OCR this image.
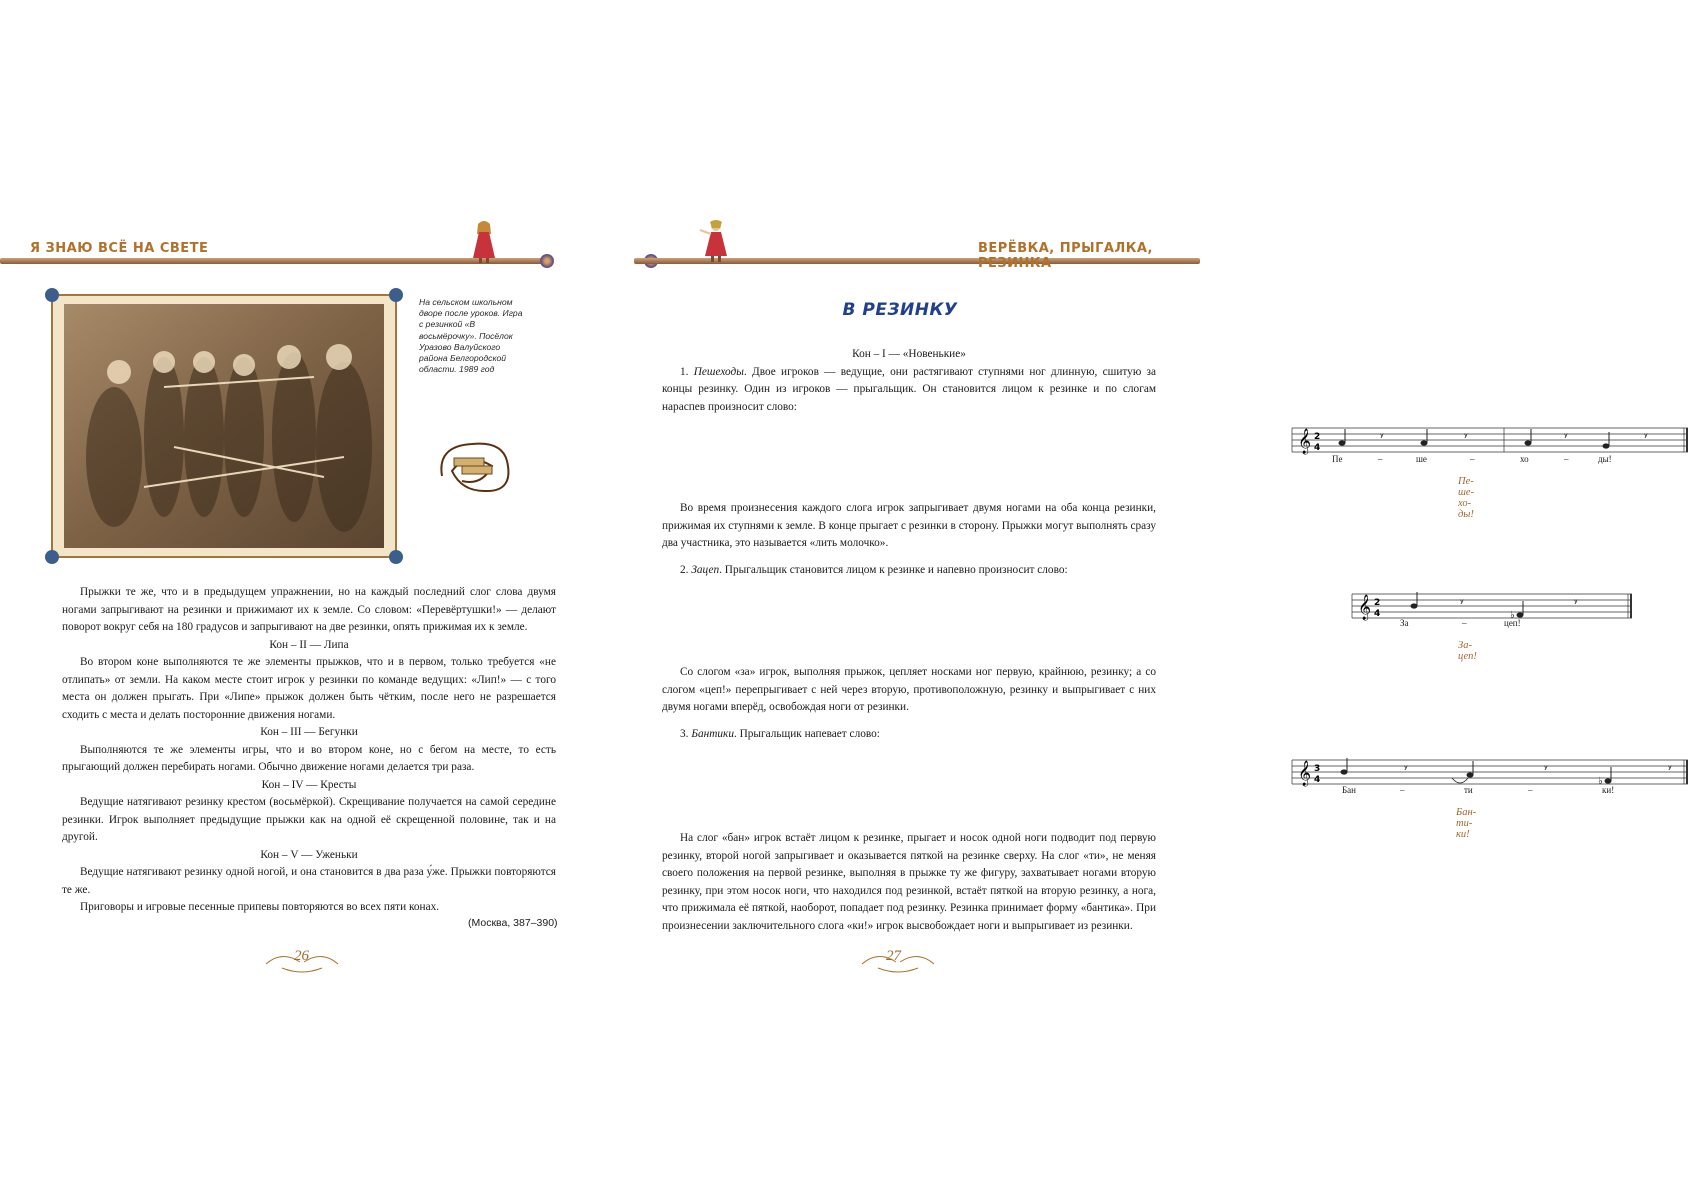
Я ЗНАЮ ВСЁ НА СВЕТЕ
На сельском школьном дворе после уроков. Игра с резинкой «В восьмёрочку». Посёлок Уразово Валуйского района Белгородской области. 1989 год

Прыжки те же, что и в предыдущем упражнении, но на каждый последний слог слова двумя ногами запрыгивают на резинки и прижимают их к земле. Со словом: «Перевёртушки!» — делают поворот вокруг себя на 180 градусов и запрыгивают на две резинки, опять прижимая их к земле.

Кон – II — Липа

Во втором коне выполняются те же элементы прыжков, что и в первом, только требуется «не отлипать» от земли. На каком месте стоит игрок у резинки по команде ведущих: «Лип!» — с того места он должен прыгать. При «Липе» прыжок должен быть чётким, после него не разрешается сходить с места и делать посторонние движения ногами.

Кон – III — Бегунки

Выполняются те же элементы игры, что и во втором коне, но с бегом на месте, то есть прыгающий должен перебирать ногами. Обычно движение ногами делается три раза.

Кон – IV — Кресты

Ведущие натягивают резинку крестом (восьмёркой). Скрещивание получается на самой середине резинки. Игрок выполняет предыдущие прыжки как на одной её скрещенной половине, так и на другой.

Кон – V — Уженьки

Ведущие натягивают резинку одной ногой, и она становится в два раза у́же. Прыжки повторяются те же.

Приговоры и игровые песенные припевы повторяются во всех пяти конах.

(Москва, 387–390)
26
ВЕРЁВКА, ПРЫГАЛКА, РЕЗИНКА
В РЕЗИНКУ

Кон – I — «Новенькие»

1. Пешеходы. Двое игроков — ведущие, они растягивают ступнями ног длинную, сшитую за концы резинку. Один из игроков — прыгальщик. Он становится лицом к резинке и по слогам нараспев произносит слово:

𝄞 2
4
ʸ	ʸ	ʸ	ʸ
Пе	–	ше	–	хо	–	ды!
Пе-ше-хо-ды!

Во время произнесения каждого слога игрок запрыгивает двумя ногами на оба конца резинки, прижимая их ступнями к земле. В конце прыгает с резинки в сторону. Прыжки могут выполнять сразу два участника, это называется «лить молочко».

2. Зацеп. Прыгальщик становится лицом к резинке и напевно произносит слово:

𝄞 2
4	♭
ʸ	ʸ
За	–	цеп!
За-цеп!

Со слогом «за» игрок, выполняя прыжок, цепляет носками ног первую, крайнюю, резинку; а со слогом «цеп!» перепрыгивает с ней через вторую, противоположную, резинку и выпрыгивает с них двумя ногами вперёд, освобождая ноги от резинки.

3. Бантики. Прыгальщик напевает слово:

𝄞 3
4	♭
ʸ	ʸ	ʸ
Бан	–	ти	–	ки!
Бан-ти-ки!

На слог «бан» игрок встаёт лицом к резинке, прыгает и носок одной ноги подводит под первую резинку, второй ногой запрыгивает и оказывается пяткой на резинке сверху. На слог «ти», не меняя своего положения на первой резинке, выполняя в прыжке ту же фигуру, захватывает ногами вторую резинку, при этом носок ноги, что находился под резинкой, встаёт пяткой на вторую резинку, а нога, что прижимала её пяткой, наоборот, попадает под резинку. Резинка принимает форму «бантика». При произнесении заключительного слога «ки!» игрок высвобождает ноги и выпрыгивает из резинки.

27
